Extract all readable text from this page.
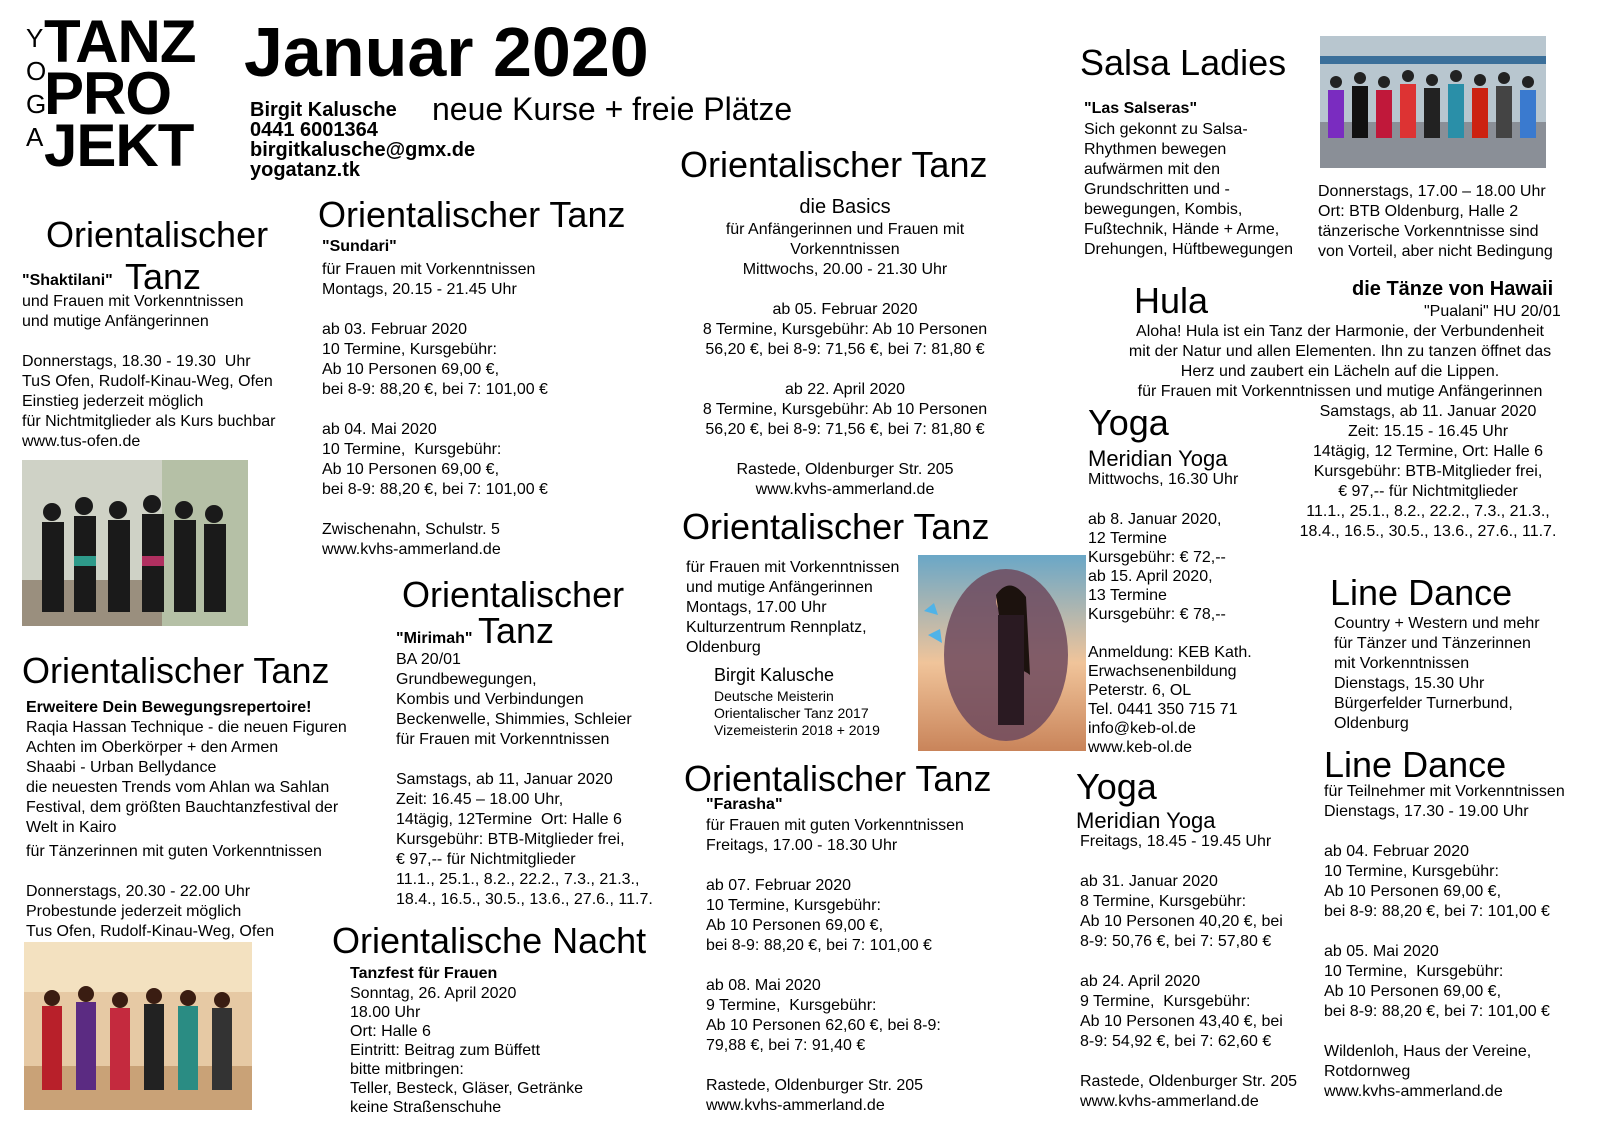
Y
O
G
A
TANZ
PRO
JEKT
Januar 2020
neue Kurse + freie Plätze
Birgit Kalusche
0441 6001364
birgitkalusche@gmx.de
yogatanz.tk
Orientalischer
"Shaktilani" Tanz
und Frauen mit Vorkenntnissen
und mutige Anfängerinnen

Donnerstags, 18.30 - 19.30  Uhr
TuS Ofen, Rudolf-Kinau-Weg, Ofen
Einstieg jederzeit möglich
für Nichtmitglieder als Kurs buchbar
www.tus-ofen.de
Orientalischer Tanz
"Sundari"
für Frauen mit Vorkenntnissen
Montags, 20.15 - 21.45 Uhr

ab 03. Februar 2020
10 Termine, Kursgebühr:
Ab 10 Personen 69,00 €,
bei 8-9: 88,20 €, bei 7: 101,00 €

ab 04. Mai 2020
10 Termine,  Kursgebühr:
Ab 10 Personen 69,00 €,
bei 8-9: 88,20 €, bei 7: 101,00 €

Zwischenahn, Schulstr. 5
www.kvhs-ammerland.de
Orientalischer Tanz
die Basics
für Anfängerinnen und Frauen mit
Vorkenntnissen
Mittwochs, 20.00 - 21.30 Uhr

ab 05. Februar 2020
8 Termine, Kursgebühr: Ab 10 Personen
56,20 €, bei 8-9: 71,56 €, bei 7: 81,80 €

ab 22. April 2020
8 Termine, Kursgebühr: Ab 10 Personen
56,20 €, bei 8-9: 71,56 €, bei 7: 81,80 €

Rastede, Oldenburger Str. 205
www.kvhs-ammerland.de
Salsa Ladies
"Las Salseras"
Sich gekonnt zu Salsa-
Rhythmen bewegen
aufwärmen mit den
Grundschritten und -
bewegungen, Kombis,
Fußtechnik, Hände + Arme,
Drehungen, Hüftbewegungen
Donnerstags, 17.00 – 18.00 Uhr
Ort: BTB Oldenburg, Halle 2
tänzerische Vorkenntnisse sind
von Vorteil, aber nicht Bedingung
Hula	die Tänze von Hawaii
"Pualani" HU 20/01
Aloha! Hula ist ein Tanz der Harmonie, der Verbundenheit
mit der Natur und allen Elementen. Ihn zu tanzen öffnet das
Herz und zaubert ein Lächeln auf die Lippen.
für Frauen mit Vorkenntnissen und mutige Anfängerinnen
Samstags, ab 11. Januar 2020
Zeit: 15.15 - 16.45 Uhr
14tägig, 12 Termine, Ort: Halle 6
Kursgebühr: BTB-Mitglieder frei,
€ 97,-- für Nichtmitglieder
11.1., 25.1., 8.2., 22.2., 7.3., 21.3.,
18.4., 16.5., 30.5., 13.6., 27.6., 11.7.
Orientalischer Tanz
für Frauen mit Vorkenntnissen
und mutige Anfängerinnen
Montags, 17.00 Uhr
Kulturzentrum Rennplatz,
Oldenburg
Birgit Kalusche
Deutsche Meisterin
Orientalischer Tanz 2017
Vizemeisterin 2018 + 2019
Yoga
Meridian Yoga
Mittwochs, 16.30 Uhr
ab 8. Januar 2020,
12 Termine
Kursgebühr: € 72,--
ab 15. April 2020,
13 Termine
Kursgebühr: € 78,--

Anmeldung: KEB Kath.
Erwachsenenbildung
Peterstr. 6, OL
Tel. 0441 350 715 71
info@keb-ol.de
www.keb-ol.de
Line Dance
Country + Western und mehr
für Tänzer und Tänzerinnen
mit Vorkenntnissen
Dienstags, 15.30 Uhr
Bürgerfelder Turnerbund,
Oldenburg
Orientalischer
"Mirimah" Tanz
BA 20/01
Grundbewegungen,
Kombis und Verbindungen
Beckenwelle, Shimmies, Schleier
für Frauen mit Vorkenntnissen

Samstags, ab 11, Januar 2020
Zeit: 16.45 – 18.00 Uhr,
14tägig, 12Termine  Ort: Halle 6
Kursgebühr: BTB-Mitglieder frei,
€ 97,-- für Nichtmitglieder
11.1., 25.1., 8.2., 22.2., 7.3., 21.3.,
18.4., 16.5., 30.5., 13.6., 27.6., 11.7.
Orientalischer Tanz
Erweitere Dein Bewegungsrepertoire!
Raqia Hassan Technique - die neuen Figuren
Achten im Oberkörper + den Armen
Shaabi - Urban Bellydance
die neuesten Trends vom Ahlan wa Sahlan
Festival, dem größten Bauchtanzfestival der
Welt in Kairo
für Tänzerinnen mit guten Vorkenntnissen

Donnerstags, 20.30 - 22.00 Uhr
Probestunde jederzeit möglich
Tus Ofen, Rudolf-Kinau-Weg, Ofen	Orientalische Nacht
Tanzfest für Frauen
Sonntag, 26. April 2020
18.00 Uhr
Ort: Halle 6
Eintritt: Beitrag zum Büffett
bitte mitbringen:
Teller, Besteck, Gläser, Getränke
keine Straßenschuhe
Orientalischer Tanz
"Farasha"
für Frauen mit guten Vorkenntnissen
Freitags, 17.00 - 18.30 Uhr

ab 07. Februar 2020
10 Termine, Kursgebühr:
Ab 10 Personen 69,00 €,
bei 8-9: 88,20 €, bei 7: 101,00 €

ab 08. Mai 2020
9 Termine,  Kursgebühr:
Ab 10 Personen 62,60 €, bei 8-9:
79,88 €, bei 7: 91,40 €

Rastede, Oldenburger Str. 205
www.kvhs-ammerland.de
Yoga
Meridian Yoga
Freitags, 18.45 - 19.45 Uhr

ab 31. Januar 2020
8 Termine, Kursgebühr:
Ab 10 Personen 40,20 €, bei
8-9: 50,76 €, bei 7: 57,80 €

ab 24. April 2020
9 Termine,  Kursgebühr:
Ab 10 Personen 43,40 €, bei
8-9: 54,92 €, bei 7: 62,60 €

Rastede, Oldenburger Str. 205
www.kvhs-ammerland.de
Line Dance
für Teilnehmer mit Vorkenntnissen
Dienstags, 17.30 - 19.00 Uhr

ab 04. Februar 2020
10 Termine, Kursgebühr:
Ab 10 Personen 69,00 €,
bei 8-9: 88,20 €, bei 7: 101,00 €

ab 05. Mai 2020
10 Termine,  Kursgebühr:
Ab 10 Personen 69,00 €,
bei 8-9: 88,20 €, bei 7: 101,00 €

Wildenloh, Haus der Vereine,
Rotdornweg
www.kvhs-ammerland.de
